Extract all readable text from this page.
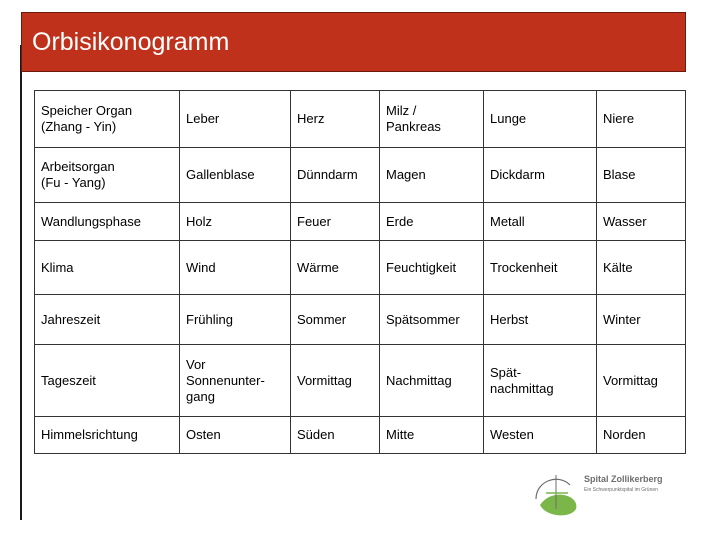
Orbisikonogramm
Speicher Organ
(Zhang - Yin)	Leber	Herz	Milz /
Pankreas	Lunge	Niere

Arbeitsorgan
(Fu - Yang)	Gallenblase	Dünndarm	Magen	Dickdarm	Blase

Wandlungsphase	Holz	Feuer	Erde	Metall	Wasser

Klima	Wind	Wärme	Feuchtigkeit	Trockenheit	Kälte

Jahreszeit	Frühling	Sommer	Spätsommer	Herbst	Winter

Tageszeit	Vor
Sonnenunter-
gang	Vormittag	Nachmittag	Spät-
nachmittag	Vormittag

Himmelsrichtung	Osten	Süden	Mitte	Westen	Norden
Spital Zollikerberg
Ein Schwerpunktspital im Grünen
